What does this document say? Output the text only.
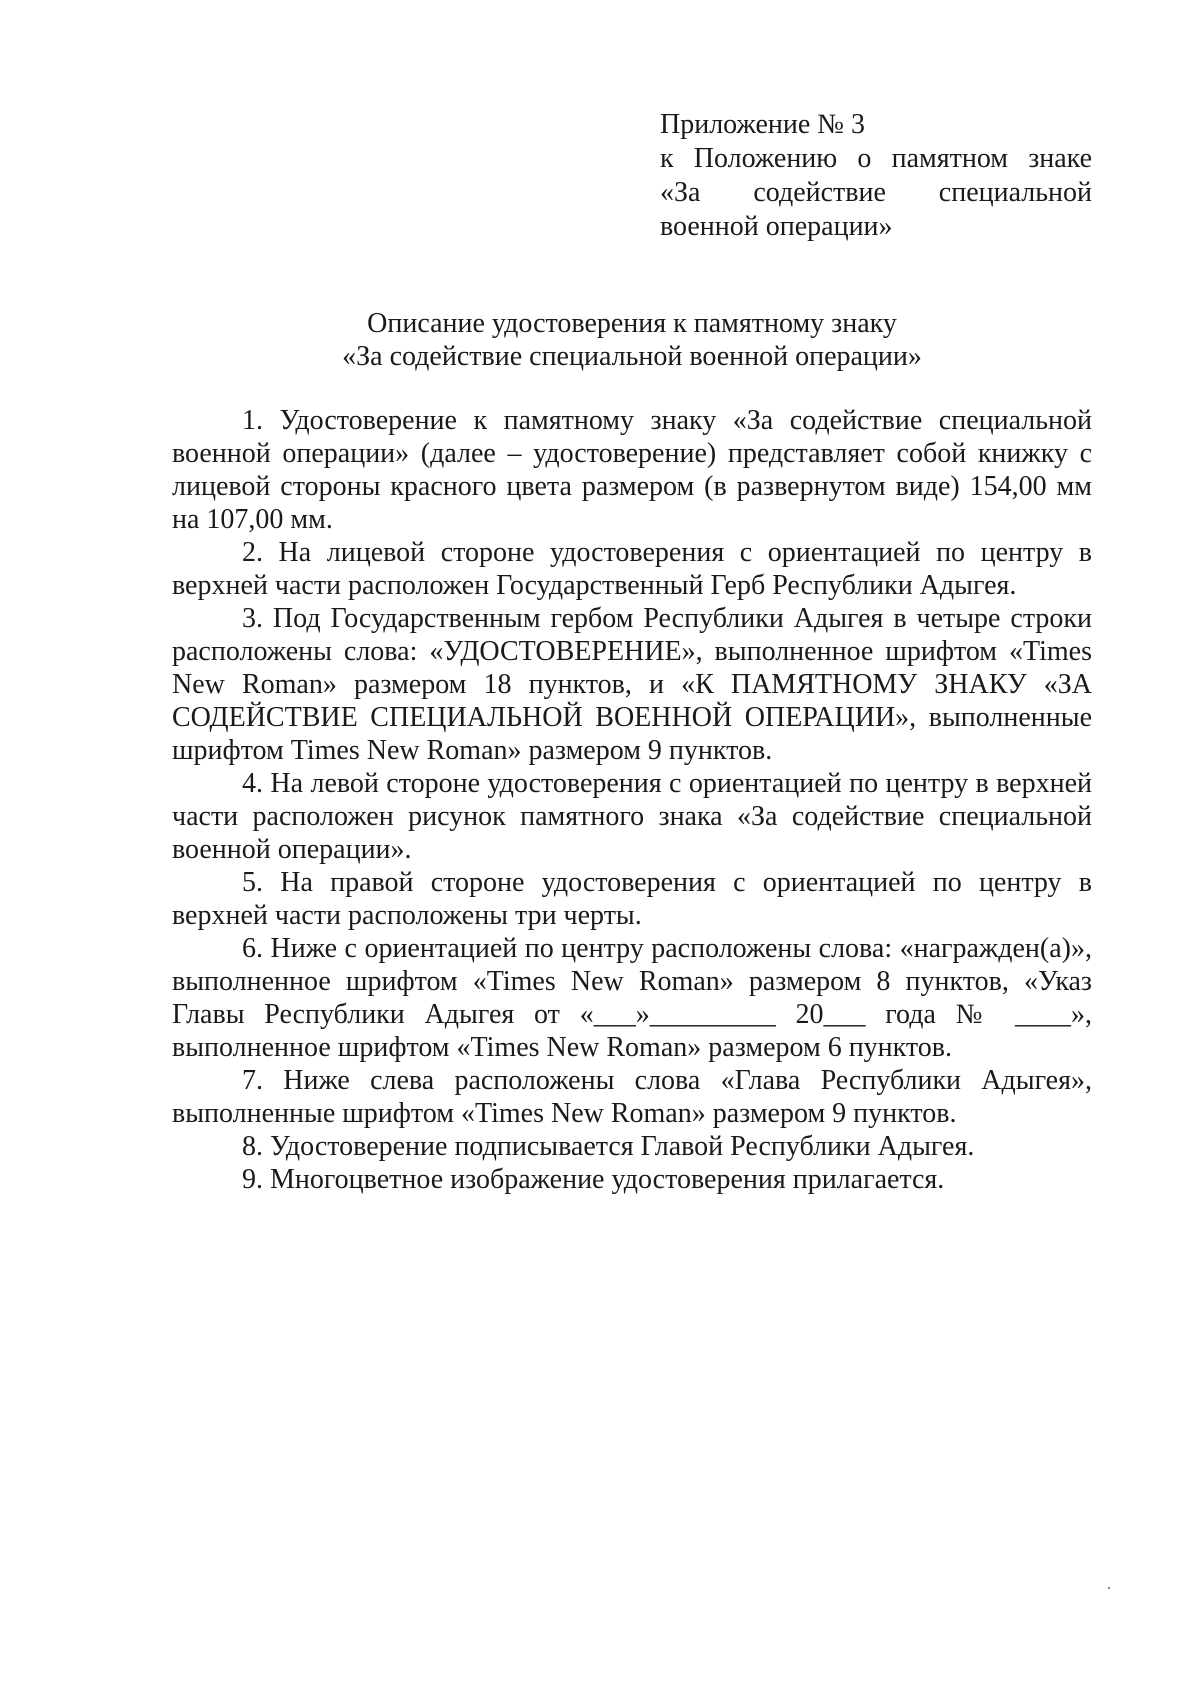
Приложение № 3
к Положению о памятном знаке
«За содействие специальной
военной операции»
Описание удостоверения к памятному знаку
«За содействие специальной военной операции»

1. Удостоверение к памятному знаку «За содействие специальной военной операции» (далее – удостоверение) представляет собой книжку с лицевой стороны красного цвета размером (в развернутом виде) 154,00 мм на 107,00 мм.

2. На лицевой стороне удостоверения с ориентацией по центру в верхней части расположен Государственный Герб Республики Адыгея.

3. Под Государственным гербом Республики Адыгея в четыре строки расположены слова: «УДОСТОВЕРЕНИЕ», выполненное шрифтом «Times New Roman» размером 18 пунктов, и «К ПАМЯТНОМУ ЗНАКУ «ЗА СОДЕЙСТВИЕ СПЕЦИАЛЬНОЙ ВОЕННОЙ ОПЕРАЦИИ», выполненные шрифтом Times New Roman» размером 9 пунктов.

4. На левой стороне удостоверения с ориентацией по центру в верхней части расположен рисунок памятного знака «За содействие специальной военной операции».

5. На правой стороне удостоверения с ориентацией по центру в верхней части расположены три черты.

6. Ниже с ориентацией по центру расположены слова: «награжден(а)», выполненное шрифтом «Times New Roman» размером 8 пунктов, «Указ Главы Республики Адыгея от «___»_________ 20___ года № ____», выполненное шрифтом «Times New Roman» размером 6 пунктов.

7. Ниже слева расположены слова «Глава Республики Адыгея», выполненные шрифтом «Times New Roman» размером 9 пунктов.

8. Удостоверение подписывается Главой Республики Адыгея.

9. Многоцветное изображение удостоверения прилагается.
